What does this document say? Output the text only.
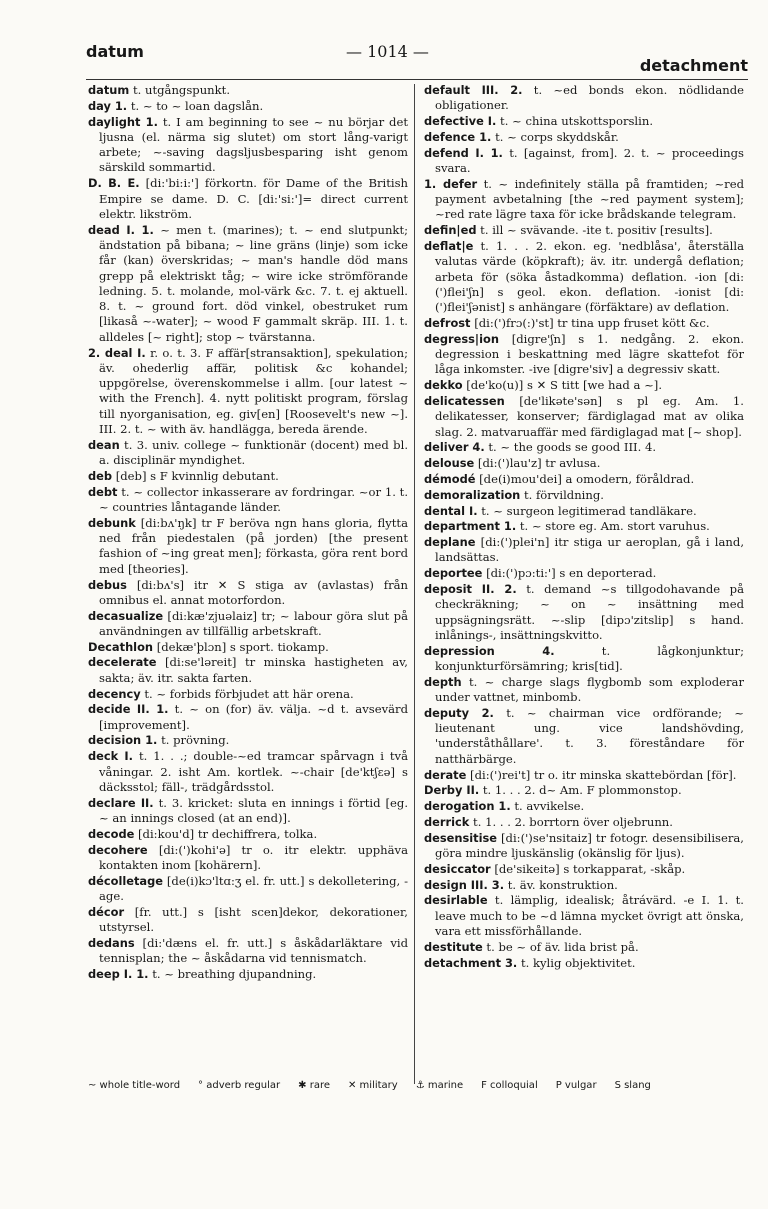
datum	— 1014 —
detachment

datum t. utgångspunkt.

day 1. t. ~ to ~ loan dagslån.

daylight 1. t. I am beginning to see ~ nu börjar det ljusna (el. närma sig slutet) om stort lång-varigt arbete; ~-saving dagsljusbesparing isht genom särskild sommartid.

D. B. E. [di:'bi:i:'] förkortn. för Dame of the British Empire se dame. D. C. [di:'si:']= direct current elektr. likström.

dead I. 1. ~ men t. (marines); t. ~ end slutpunkt; ändstation på bibana; ~ line gräns (linje) som icke får (kan) överskridas; ~ man's handle död mans grepp på elektriskt tåg; ~ wire icke strömförande ledning. 5. t. molande, mol-värk &c. 7. t. ej aktuell. 8. t. ~ ground fort. död vinkel, obestruket rum [likaså ~-water]; ~ wood F gammalt skräp. III. 1. t. alldeles [~ right]; stop ~ tvärstanna.

2. deal I. r. o. t. 3. F affär[stransaktion], spekulation; äv. ohederlig affär, politisk &c kohandel; uppgörelse, överenskommelse i allm. [our latest ~ with the French]. 4. nytt politiskt program, förslag till nyorganisation, eg. giv[en] [Roosevelt's new ~]. III. 2. t. ~ with äv. handlägga, bereda ärende.

dean t. 3. univ. college ~ funktionär (docent) med bl. a. disciplinär myndighet.

deb [deb] s F kvinnlig debutant.

debt t. ~ collector inkasserare av fordringar. ~or 1. t. ~ countries låntagande länder.

debunk [di:bʌ'ŋk] tr F beröva ngn hans gloria, flytta ned från piedestalen (på jorden) [the present fashion of ~ing great men]; förkasta, göra rent bord med [theories].

debus [di:bʌ's] itr ✕ S stiga av (avlastas) från omnibus el. annat motorfordon.

decasualize [di:kæ'zjuəlaiz] tr; ~ labour göra slut på användningen av tillfällig arbetskraft.

Decathlon [dekæ'þlɔn] s sport. tiokamp.

decelerate [di:se'ləreit] tr minska hastigheten av, sakta; äv. itr. sakta farten.

decency t. ~ forbids förbjudet att här orena.

decide II. 1. t. ~ on (for) äv. välja. ~d t. avsevärd [improvement].

decision 1. t. prövning.

deck I. t. 1. . .; double-~ed tramcar spårvagn i två våningar. 2. isht Am. kortlek. ~-chair [de'ktʃɛə] s däcksstol; fäll-, trädgårdsstol.

declare II. t. 3. kricket: sluta en innings i förtid [eg. ~ an innings closed (at an end)].

decode [di:kou'd] tr dechiffrera, tolka.

decohere [di:(')kohi'ə] tr o. itr elektr. upphäva kontakten inom [kohärern].

décolletage [de(i)kɔ'ltɑ:ʒ el. fr. utt.] s dekolletering, -age.

décor [fr. utt.] s [isht scen]dekor, dekorationer, utstyrsel.

dedans [di:'dæns el. fr. utt.] s åskådarläktare vid tennisplan; the ~ åskådarna vid tennismatch.

deep I. 1. t. ~ breathing djupandning.

default III. 2. t. ~ed bonds ekon. nödlidande obligationer.

defective I. t. ~ china utskottsporslin.

defence 1. t. ~ corps skyddskår.

defend I. 1. t. [against, from]. 2. t. ~ proceedings svara.

1. defer t. ~ indefinitely ställa på framtiden; ~red payment avbetalning [the ~red payment system]; ~red rate lägre taxa för icke brådskande telegram.

defin|ed t. ill ~ svävande. -ite t. positiv [results].

deflat|e t. 1. . . 2. ekon. eg. 'nedblåsa', återställa valutas värde (köpkraft); äv. itr. undergå deflation; arbeta för (söka åstadkomma) deflation. -ion [di:(')flei'ʃn] s geol. ekon. deflation. -ionist [di:(')flei'ʃənist] s anhängare (förfäktare) av deflation.

defrost [di:(')frɔ(:)'st] tr tina upp fruset kött &c.

degress|ion [digre'ʃn] s 1. nedgång. 2. ekon. degression i beskattning med lägre skattefot för låga inkomster. -ive [digre'siv] a degressiv skatt.

dekko [de'ko(u)] s ✕ S titt [we had a ~].

delicatessen [de'likəte'sən] s pl eg. Am. 1. delikatesser, konserver; färdiglagad mat av olika slag. 2. matvaruaffär med färdiglagad mat [~ shop].

deliver 4. t. ~ the goods se good III. 4.

delouse [di:(')lau'z] tr avlusa.

démodé [de(i)mou'dei] a omodern, föråldrad.

demoralization t. förvildning.

dental I. t. ~ surgeon legitimerad tandläkare.

department 1. t. ~ store eg. Am. stort varuhus.

deplane [di:(')plei'n] itr stiga ur aeroplan, gå i land, landsättas.

deportee [di:(')pɔ:ti:'] s en deporterad.

deposit II. 2. t. demand ~s tillgodohavande på checkräkning; ~ on ~ insättning med uppsägningsrätt. ~-slip [dipɔ'zitslip] s hand. inlånings-, insättningskvitto.

depression 4.	t. lågkonjunktur; konjunkturförsämring; kris[tid].

depth t. ~ charge slags flygbomb som exploderar under vattnet, minbomb.

deputy 2. t. ~ chairman vice ordförande; ~ lieutenant ung. vice landshövding, 'underståthållare'. t. 3. föreståndare för natthärbärge.

derate [di:(')rei't] tr o. itr minska skattebördan [för].

Derby II. t. 1. . . 2. d~ Am. F plommonstop.

derogation 1. t. avvikelse.

derrick t. 1. . . 2. borrtorn över oljebrunn.

desensitise [di:(')se'nsitaiz] tr fotogr. desensibilisera, göra mindre ljuskänslig (okänslig för ljus).

desiccator [de'sikeitə] s torkapparat, -skåp.

design III. 3. t. äv. konstruktion.

desirlable t. lämplig, idealisk; åtrávärd. -e I. 1. t. leave much to be ~d lämna mycket övrigt att önska, vara ett missförhållande.

destitute t. be ~ of äv. lida brist på.

detachment 3. t. kylig objektivitet.

~ whole title-word ° adverb regular ✱ rare ✕ military ⚓ marine F colloquial P vulgar S slang
